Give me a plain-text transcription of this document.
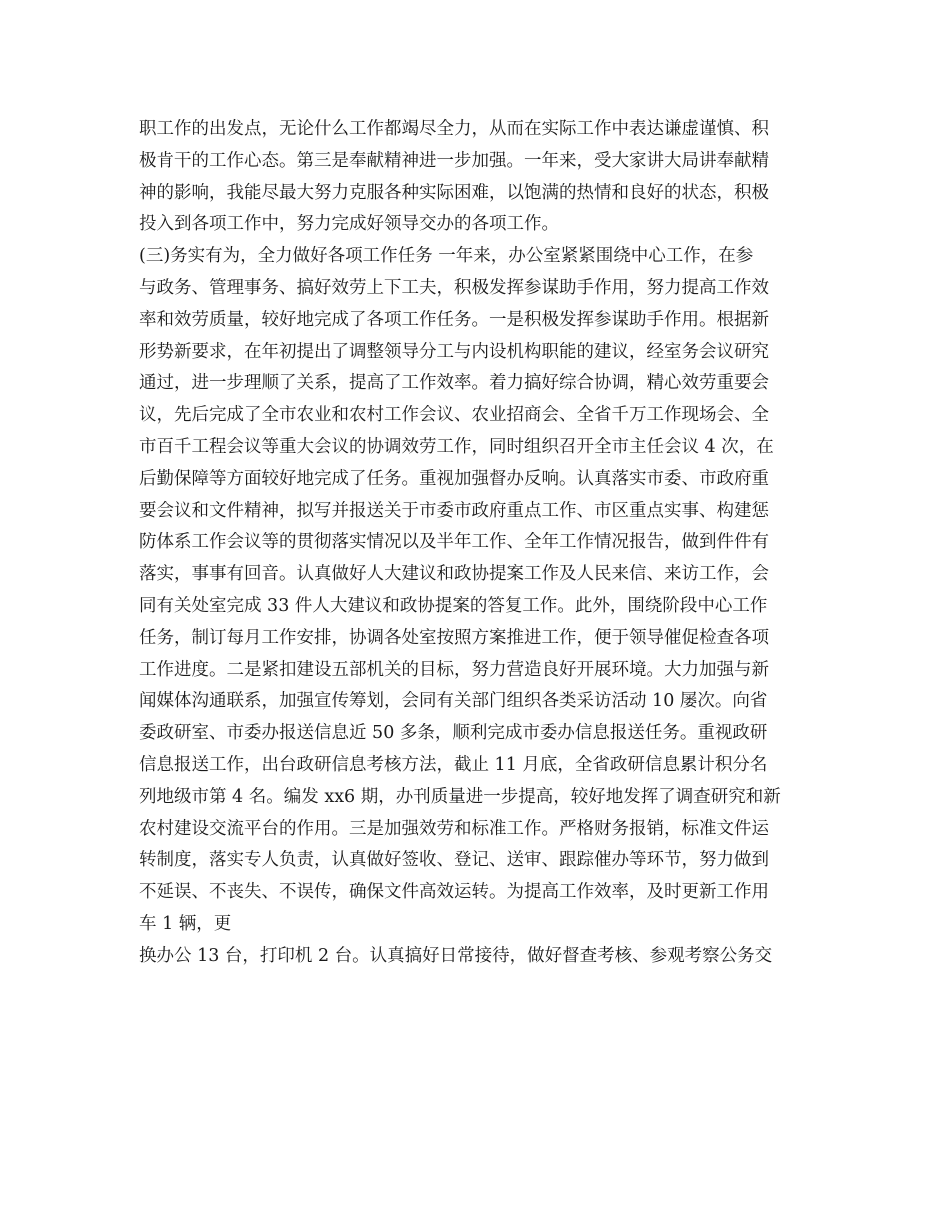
职工作的出发点，无论什么工作都竭尽全力，从而在实际工作中表达谦虚谨慎、积
极肯干的工作心态。第三是奉献精神进一步加强。一年来，受大家讲大局讲奉献精
神的影响，我能尽最大努力克服各种实际困难，以饱满的热情和良好的状态，积极
投入到各项工作中，努力完成好领导交办的各项工作。
(三)务实有为，全力做好各项工作任务 一年来，办公室紧紧围绕中心工作，在参
与政务、管理事务、搞好效劳上下工夫，积极发挥参谋助手作用，努力提高工作效
率和效劳质量，较好地完成了各项工作任务。一是积极发挥参谋助手作用。根据新
形势新要求，在年初提出了调整领导分工与内设机构职能的建议，经室务会议研究
通过，进一步理顺了关系，提高了工作效率。着力搞好综合协调，精心效劳重要会
议，先后完成了全市农业和农村工作会议、农业招商会、全省千万工作现场会、全
市百千工程会议等重大会议的协调效劳工作，同时组织召开全市主任会议 4 次，在
后勤保障等方面较好地完成了任务。重视加强督办反响。认真落实市委、市政府重
要会议和文件精神，拟写并报送关于市委市政府重点工作、市区重点实事、构建惩
防体系工作会议等的贯彻落实情况以及半年工作、全年工作情况报告，做到件件有
落实，事事有回音。认真做好人大建议和政协提案工作及人民来信、来访工作，会
同有关处室完成 33 件人大建议和政协提案的答复工作。此外，围绕阶段中心工作
任务，制订每月工作安排，协调各处室按照方案推进工作，便于领导催促检查各项
工作进度。二是紧扣建设五部机关的目标，努力营造良好开展环境。大力加强与新
闻媒体沟通联系，加强宣传筹划，会同有关部门组织各类采访活动 10 屡次。向省
委政研室、市委办报送信息近 50 多条，顺利完成市委办信息报送任务。重视政研
信息报送工作，出台政研信息考核方法，截止 11 月底，全省政研信息累计积分名
列地级市第 4 名。编发 xx6 期，办刊质量进一步提高，较好地发挥了调查研究和新
农村建设交流平台的作用。三是加强效劳和标准工作。严格财务报销，标准文件运
转制度，落实专人负责，认真做好签收、登记、送审、跟踪催办等环节，努力做到
不延误、不丧失、不误传，确保文件高效运转。为提高工作效率，及时更新工作用
车 1 辆，更
换办公 13 台，打印机 2 台。认真搞好日常接待，做好督查考核、参观考察公务交
